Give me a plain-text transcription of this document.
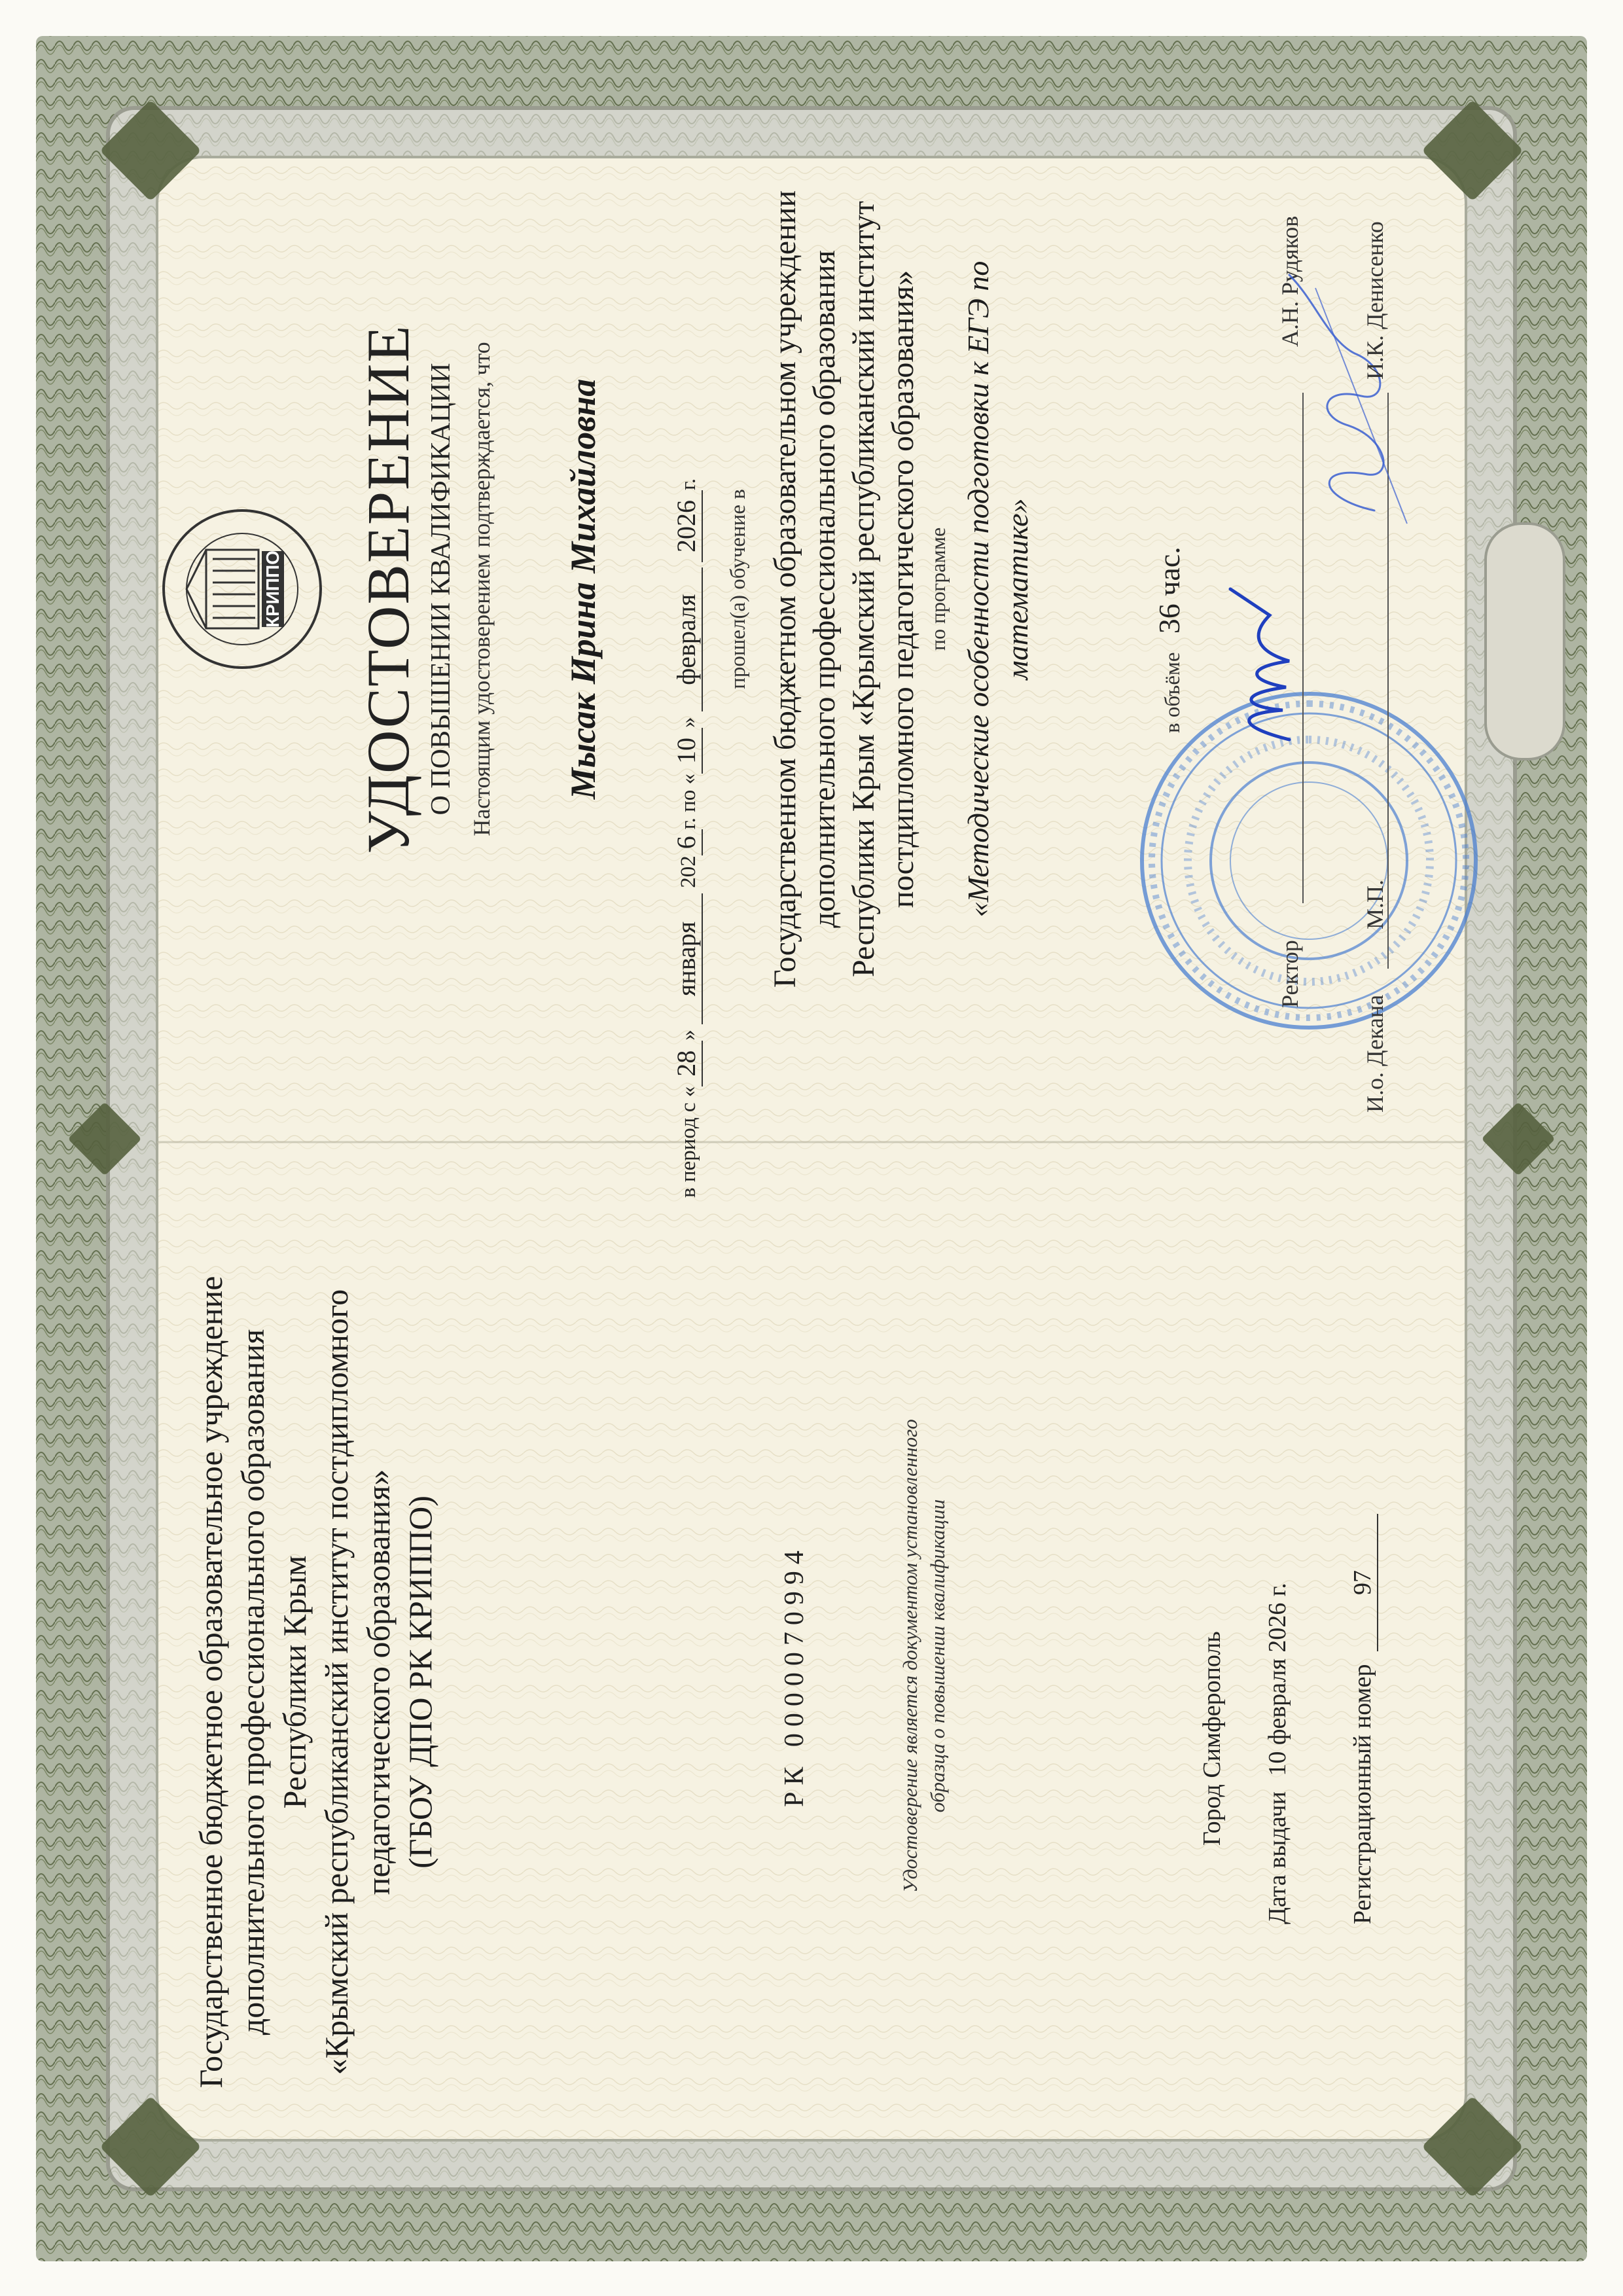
Государственное бюджетное образовательное учреждение дополнительного профессионального образования Республики Крым «Крымский республиканский институт постдипломного педагогического образования» (ГБОУ ДПО РК КРИППО)	РК 0000070994	Удостоверение является документом установленного образца о повышении квалификации	Город Симферополь
Дата выдачи 10 февраля 2026 г. Регистрационный номер 97
КРИППО УДОСТОВЕРЕНИЕ О ПОВЫШЕНИИ КВАЛИФИКАЦИИ Настоящим удостоверением подтверждается, что Мысак Ирина Михайловна
в период с «28» января 2026г. по «10» февраля 2026г.
прошел(а) обучение в Государственном бюджетном образовательном учреждении дополнительного профессионального образования Республики Крым «Крымский республиканский институт постдипломного педагогического образования» по программе «Методические особенности подготовки к ЕГЭ по математике»
в объёме 36 час.
М.П.
Ректор
А.Н. Рудяков
И.о. Декана
И.К. Денисенко
